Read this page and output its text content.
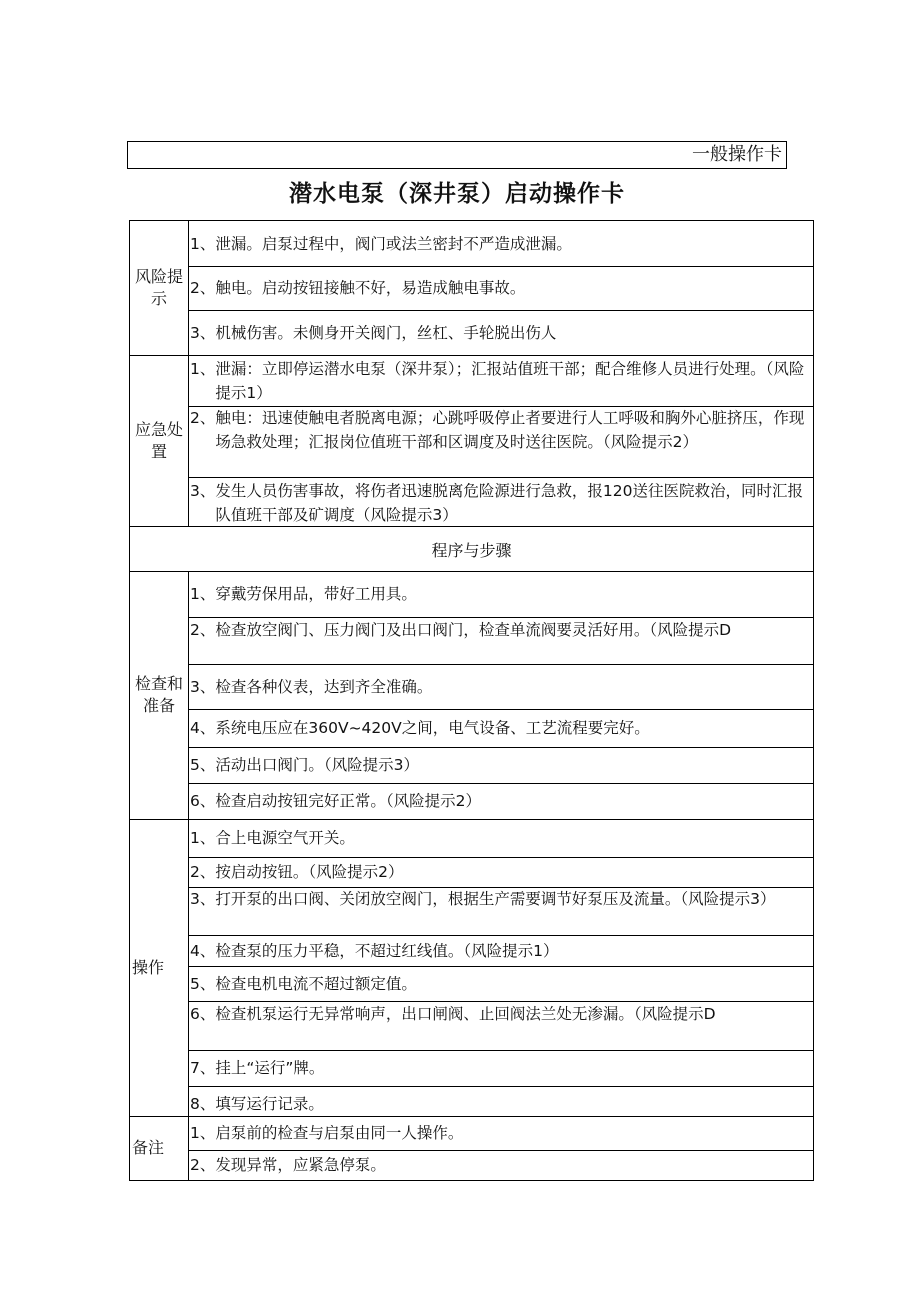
一般操作卡
潜水电泵（深井泵）启动操作卡
风险提示
1、 泄漏。启泵过程中，阀门或法兰密封不严造成泄漏。
2、 触电。启动按钮接触不好，易造成触电事故。
3、 机械伤害。未侧身开关阀门，丝杠、手轮脱出伤人
应急处置
1、 泄漏：立即停运潜水电泵（深井泵）；汇报站值班干部；配合维修人员进行处理。（风险提示1）
2、 触电：迅速使触电者脱离电源；心跳呼吸停止者要进行人工呼吸和胸外心脏挤压，作现场急救处理；汇报岗位值班干部和区调度及时送往医院。（风险提示2）
3、 发生人员伤害事故，将伤者迅速脱离危险源进行急救，报120送往医院救治，同时汇报队值班干部及矿调度（风险提示3）
程序与步骤
检查和准备
1、 穿戴劳保用品，带好工用具。
2、 检查放空阀门、压力阀门及出口阀门，检查单流阀要灵活好用。（风险提示D
3、 检查各种仪表，达到齐全准确。
4、 系统电压应在360V~420V之间，电气设备、工艺流程要完好。
5、 活动出口阀门。（风险提示3）
6、 检查启动按钮完好正常。（风险提示2）
操作
1、 合上电源空气开关。
2、 按启动按钮。（风险提示2）
3、 打开泵的出口阀、关闭放空阀门，根据生产需要调节好泵压及流量。（风险提示3）
4、 检查泵的压力平稳，不超过红线值。（风险提示1）
5、 检查电机电流不超过额定值。
6、 检查机泵运行无异常响声，出口闸阀、止回阀法兰处无渗漏。（风险提示D
7、 挂上“运行”牌。
8、 填写运行记录。
备注
1、 启泵前的检查与启泵由同一人操作。
2、 发现异常，应紧急停泵。
